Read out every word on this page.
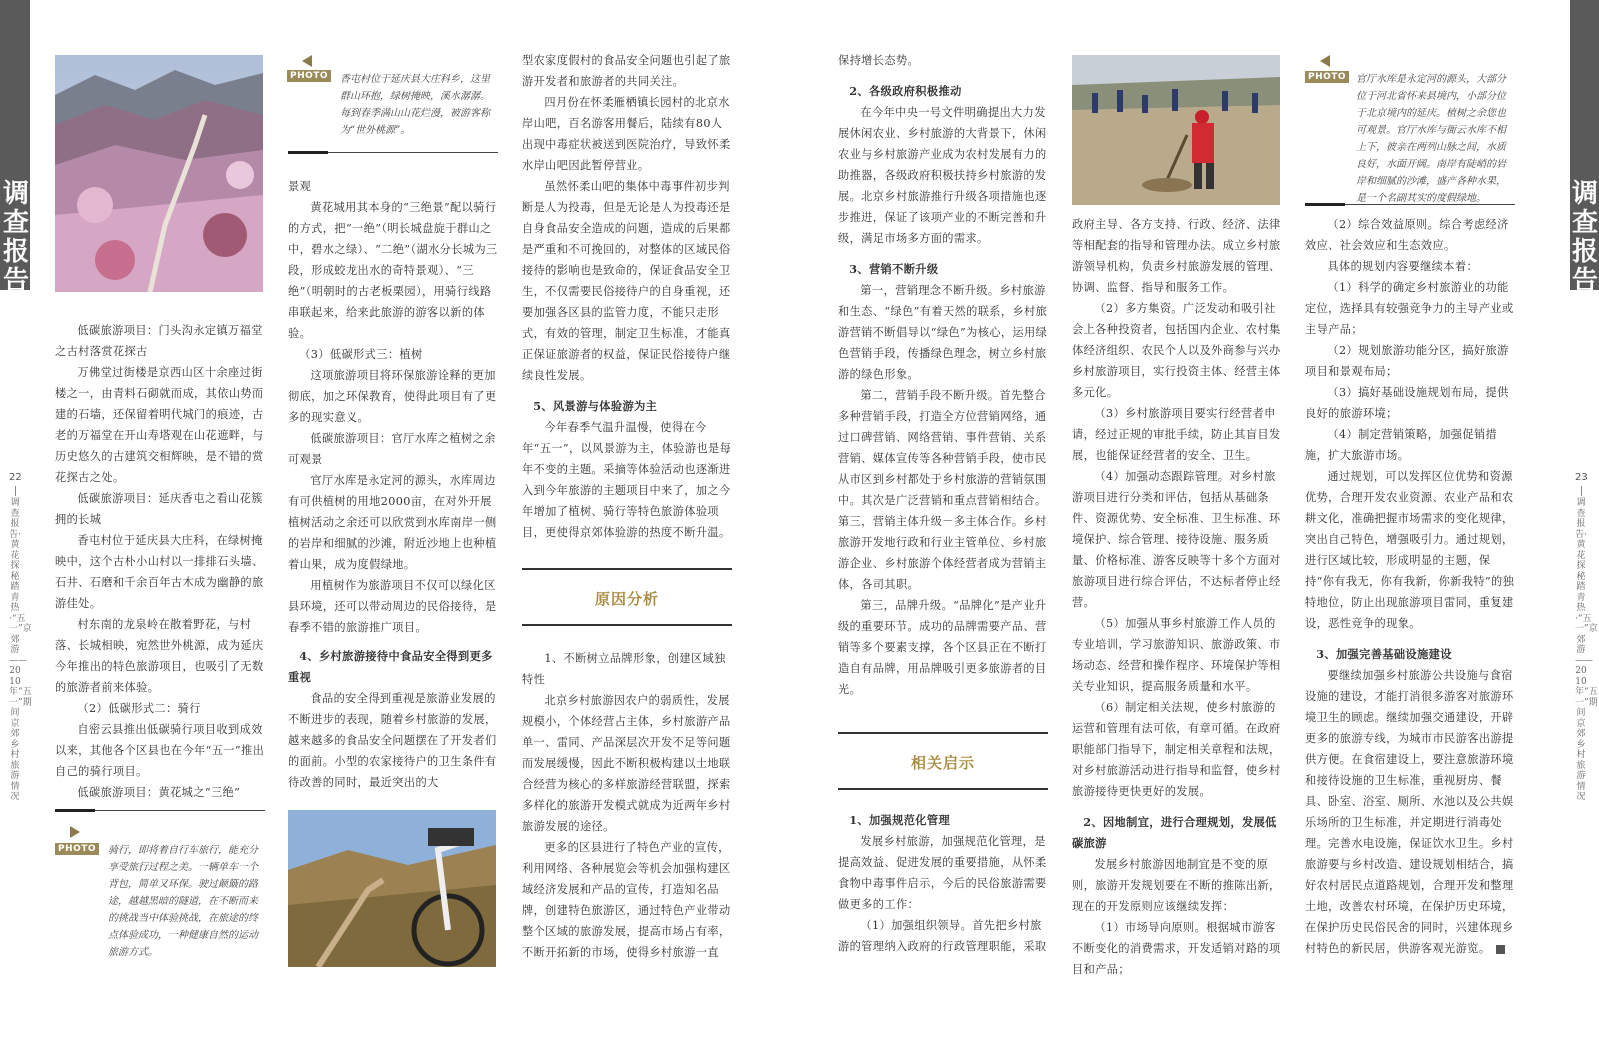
调查报告
调查报告
22
调查报告·黄花探秘 踏青热·“五一”京郊游——2010年“五一”期间京郊乡村旅游情况
23
调查报告·黄花探秘 踏青热·“五一”京郊游——2010年“五一”期间京郊乡村旅游情况
PHOTO	香屯村位于延庆县大庄科乡，这里群山环抱，绿树掩映，溪水潺潺。每到春季满山山花烂漫，被游客称为“世外桃源”。

低碳旅游项目：门头沟永定镇万福堂之古村落赏花探古

万佛堂过街楼是京西山区十余座过街楼之一，由青料石砌就而成，其依山势而建的石墙，还保留着明代城门的痕迹，古老的万福堂在开山寿塔观在山花遮畔，与历史悠久的古建筑交相辉映，是不错的赏花探古之处。

低碳旅游项目：延庆香屯之看山花簇拥的长城

香屯村位于延庆县大庄科，在绿树掩映中，这个古朴小山村以一排排石头墙、石井、石磨和千余百年古木成为幽静的旅游佳处。

村东南的龙泉岭在散着野花，与村落、长城相映，宛然世外桃源，成为延庆今年推出的特色旅游项目，也吸引了无数的旅游者前来体验。

（2）低碳形式二：骑行

自密云县推出低碳骑行项目收到成效以来，其他各个区县也在今年“五一”推出自己的骑行项目。

低碳旅游项目：黄花城之“三绝”

PHOTO	骑行，即将着自行车旅行，能充分享受旅行过程之美。一辆单车一个背包，简单又环保。驶过颠簸的路途，越越黑暗的隧道，在不断而来的挑战当中体验挑战，在旅途的终点体验成功，一种健康自然的运动旅游方式。

景观

黄花城用其本身的“三绝景”配以骑行的方式，把“一绝”（明长城盘旋于群山之中，碧水之绿）、“二绝”（湖水分长城为三段，形成蛟龙出水的奇特景观）、“三绝”（明朝时的古老板栗园），用骑行线路串联起来，给来此旅游的游客以新的体验。

（3）低碳形式三：植树

这项旅游项目将环保旅游诠释的更加彻底，加之环保教育，使得此项目有了更多的现实意义。

低碳旅游项目：官厅水库之植树之余可观景

官厅水库是永定河的源头，水库周边有可供植树的用地2000亩，在对外开展植树活动之余还可以欣赏到水库南岸一侧的岩岸和细腻的沙滩，附近沙地上也种植着山果，成为度假绿地。

用植树作为旅游项目不仅可以绿化区县环境，还可以带动周边的民俗接待，是春季不错的旅游推广项目。

4、乡村旅游接待中食品安全得到更多重视

食品的安全得到重视是旅游业发展的不断进步的表现，随着乡村旅游的发展，越来越多的食品安全问题摆在了开发者们的面前。小型的农家接待户的卫生条件有待改善的同时，最近突出的大

型农家度假村的食品安全问题也引起了旅游开发者和旅游者的共同关注。

四月份在怀柔雁栖镇长园村的北京水岸山吧，百名游客用餐后，陆续有80人出现中毒症状被送到医院治疗，导致怀柔水岸山吧因此暂停营业。

虽然怀柔山吧的集体中毒事件初步判断是人为投毒，但是无论是人为投毒还是自身食品安全造成的问题，造成的后果都是严重和不可挽回的，对整体的区域民俗接待的影响也是致命的，保证食品安全卫生，不仅需要民俗接待户的自身重视，还要加强各区县的监管力度，不能只走形式，有效的管理，制定卫生标准，才能真正保证旅游者的权益，保证民俗接待户继续良性发展。

5、风景游与体验游为主

今年春季气温升温慢，使得在今年“五一”，以风景游为主，体验游也是每年不变的主题。采摘等体验活动也逐渐进入到今年旅游的主题项目中来了，加之今年增加了植树、骑行等特色旅游体验项目，更使得京郊体验游的热度不断升温。

原因分析

1、不断树立品牌形象，创建区域独特性

北京乡村旅游因农户的弱质性，发展规模小，个体经营占主体，乡村旅游产品单一、雷同、产品深层次开发不足等问题而发展缓慢，因此不断积极构建以土地联合经营为核心的多样旅游经营联盟，探索多样化的旅游开发模式就成为近两年乡村旅游发展的途径。

更多的区县进行了特色产业的宣传，利用网络、各种展览会等机会加强构建区域经济发展和产品的宣传，打造知名品牌，创建特色旅游区，通过特色产业带动整个区域的旅游发展，提高市场占有率，不断开拓新的市场，使得乡村旅游一直

保持增长态势。

2、各级政府积极推动

在今年中央一号文件明确提出大力发展休闲农业、乡村旅游的大背景下，休闲农业与乡村旅游产业成为农村发展有力的助推器，各级政府积极扶持乡村旅游的发展。北京乡村旅游推行升级各项措施也逐步推进，保证了该项产业的不断完善和升级，满足市场多方面的需求。

3、营销不断升级

第一，营销理念不断升级。乡村旅游和生态、“绿色”有着天然的联系，乡村旅游营销不断倡导以“绿色”为核心，运用绿色营销手段，传播绿色理念，树立乡村旅游的绿色形象。

第二，营销手段不断升级。首先整合多种营销手段，打造全方位营销网络，通过口碑营销、网络营销、事件营销、关系营销、媒体宣传等各种营销手段，使市民从市区到乡村都处于乡村旅游的营销氛围中。其次是广泛营销和重点营销相结合。第三，营销主体升级－多主体合作。乡村旅游开发地行政和行业主管单位、乡村旅游企业、乡村旅游个体经营者成为营销主体，各司其职。

第三，品牌升级。“品牌化”是产业升级的重要环节。成功的品牌需要产品、营销等多个要素支撑，各个区县正在不断打造自有品牌，用品牌吸引更多旅游者的目光。

相关启示

1、加强规范化管理

发展乡村旅游，加强规范化管理，是提高效益、促进发展的重要措施，从怀柔食物中毒事件启示，今后的民俗旅游需要做更多的工作：

（1）加强组织领导。首先把乡村旅游的管理纳入政府的行政管理职能，采取

PHOTO 官厅水库是永定河的源头，大部分位于河北省怀来县境内，小部分位于北京境内的延庆。植树之余您也可观景。官厅水库与衙云水库不相上下，彼亲在两列山脉之间，水质良好，水面开阔。南岸有陡峭的岩岸和细腻的沙滩，盛产各种水果，是一个名副其实的度假绿地。

政府主导、各方支持、行政、经济、法律等相配套的指导和管理办法。成立乡村旅游领导机构，负责乡村旅游发展的管理、协调、监督、指导和服务工作。

（2）多方集资。广泛发动和吸引社会上各种投资者，包括国内企业、农村集体经济组织、农民个人以及外商参与兴办乡村旅游项目，实行投资主体、经营主体多元化。

（3）乡村旅游项目要实行经营者申请，经过正规的审批手续，防止其盲目发展，也能保证经营者的安全、卫生。

（4）加强动态跟踪管理。对乡村旅游项目进行分类和评估，包括从基础条件、资源优势、安全标准、卫生标准、环境保护、综合管理、接待设施、服务质量、价格标准、游客反映等十多个方面对旅游项目进行综合评估，不达标者停止经营。

（5）加强从事乡村旅游工作人员的专业培训，学习旅游知识、旅游政策、市场动态、经营和操作程序、环境保护等相关专业知识，提高服务质量和水平。

（6）制定相关法规，使乡村旅游的运营和管理有法可依，有章可循。在政府职能部门指导下，制定相关章程和法规，对乡村旅游活动进行指导和监督，使乡村旅游接待更快更好的发展。

2、因地制宜，进行合理规划，发展低碳旅游

发展乡村旅游因地制宜是不变的原则，旅游开发规划要在不断的推陈出新，现在的开发原则应该继续发挥：

（1）市场导向原则。根据城市游客不断变化的消费需求，开发适销对路的项目和产品；

（2）综合效益原则。综合考虑经济效应、社会效应和生态效应。

具体的规划内容要继续本着：

（1）科学的确定乡村旅游业的功能定位，选择具有较强竞争力的主导产业或主导产品；

（2）规划旅游功能分区，搞好旅游项目和景观布局；

（3）搞好基础设施规划布局，提供良好的旅游环境；

（4）制定营销策略，加强促销措施，扩大旅游市场。

通过规划，可以发挥区位优势和资源优势，合理开发农业资源、农业产品和农耕文化，准确把握市场需求的变化规律，突出自己特色，增强吸引力。通过规划，进行区域比较，形成明显的主题，保持“你有我无，你有我新，你新我特”的独特地位，防止出现旅游项目雷同，重复建设，恶性竞争的现象。

3、加强完善基础设施建设

要继续加强乡村旅游公共设施与食宿设施的建设，才能打消很多游客对旅游环境卫生的顾虑。继续加强交通建设，开辟更多的旅游专线，为城市市民游客出游提供方便。在食宿建设上，要注意旅游环境和接待设施的卫生标准，重视厨房、餐具、卧室、浴室、厕所、水池以及公共娱乐场所的卫生标准，并定期进行消毒处理。完善水电设施，保证饮水卫生。乡村旅游要与乡村改造、建设规划相结合，搞好农村居民点道路规划，合理开发和整理土地，改善农村环境，在保护历史环境，在保护历史民俗民舍的同时，兴建体现乡村特色的新民居，供游客观光游览。
